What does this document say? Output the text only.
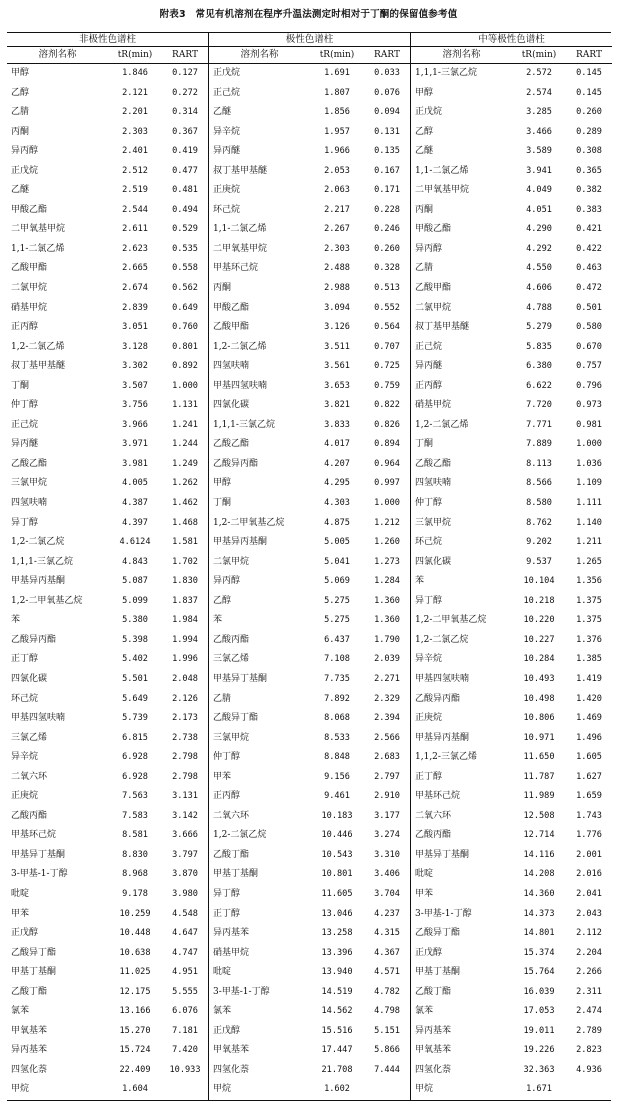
附表3　常见有机溶剂在程序升温法测定时相对于丁酮的保留值参考值
非极性色谱柱
溶剂名称	tR(min)	RART
甲醇	1.846	0.127
乙醇	2.121	0.272
乙腈	2.201	0.314
丙酮	2.303	0.367
异丙醇	2.401	0.419
正戊烷	2.512	0.477
乙醚	2.519	0.481
甲酸乙酯	2.544	0.494
二甲氧基甲烷	2.611	0.529
1,1-二氯乙烯	2.623	0.535
乙酸甲酯	2.665	0.558
二氯甲烷	2.674	0.562
硝基甲烷	2.839	0.649
正丙醇	3.051	0.760
1,2-二氯乙烯	3.128	0.801
叔丁基甲基醚	3.302	0.892
丁酮	3.507	1.000
仲丁醇	3.756	1.131
正己烷	3.966	1.241
异丙醚	3.971	1.244
乙酸乙酯	3.981	1.249
三氯甲烷	4.005	1.262
四氢呋喃	4.387	1.462
异丁醇	4.397	1.468
1,2-二氯乙烷	4.6124	1.581
1,1,1-三氯乙烷	4.843	1.702
甲基异丙基酮	5.087	1.830
1,2-二甲氧基乙烷	5.099	1.837
苯	5.380	1.984
乙酸异丙酯	5.398	1.994
正丁醇	5.402	1.996
四氯化碳	5.501	2.048
环己烷	5.649	2.126
甲基四氢呋喃	5.739	2.173
三氯乙烯	6.815	2.738
异辛烷	6.928	2.798
二氧六环	6.928	2.798
正庚烷	7.563	3.131
乙酸丙酯	7.583	3.142
甲基环己烷	8.581	3.666
甲基异丁基酮	8.830	3.797
3-甲基-1-丁醇	8.968	3.870
吡啶	9.178	3.980
甲苯	10.259	4.548
正戊醇	10.448	4.647
乙酸异丁酯	10.638	4.747
甲基丁基酮	11.025	4.951
乙酸丁酯	12.175	5.555
氯苯	13.166	6.076
甲氧基苯	15.270	7.181
异丙基苯	15.724	7.420
四氢化萘	22.409	10.933
甲烷	1.604
极性色谱柱
溶剂名称	tR(min)	RART
正戊烷	1.691	0.033
正己烷	1.807	0.076
乙醚	1.856	0.094
异辛烷	1.957	0.131
异丙醚	1.966	0.135
叔丁基甲基醚	2.053	0.167
正庚烷	2.063	0.171
环己烷	2.217	0.228
1,1-二氯乙烯	2.267	0.246
二甲氧基甲烷	2.303	0.260
甲基环己烷	2.488	0.328
丙酮	2.988	0.513
甲酸乙酯	3.094	0.552
乙酸甲酯	3.126	0.564
1,2-二氯乙烯	3.511	0.707
四氢呋喃	3.561	0.725
甲基四氢呋喃	3.653	0.759
四氯化碳	3.821	0.822
1,1,1-三氯乙烷	3.833	0.826
乙酸乙酯	4.017	0.894
乙酸异丙酯	4.207	0.964
甲醇	4.295	0.997
丁酮	4.303	1.000
1,2-二甲氧基乙烷	4.875	1.212
甲基异丙基酮	5.005	1.260
二氯甲烷	5.041	1.273
异丙醇	5.069	1.284
乙醇	5.275	1.360
苯	5.275	1.360
乙酸丙酯	6.437	1.790
三氯乙烯	7.108	2.039
甲基异丁基酮	7.735	2.271
乙腈	7.892	2.329
乙酸异丁酯	8.068	2.394
三氯甲烷	8.533	2.566
仲丁醇	8.848	2.683
甲苯	9.156	2.797
正丙醇	9.461	2.910
二氧六环	10.183	3.177
1,2-二氯乙烷	10.446	3.274
乙酸丁酯	10.543	3.310
甲基丁基酮	10.801	3.406
异丁醇	11.605	3.704
正丁醇	13.046	4.237
异丙基苯	13.258	4.315
硝基甲烷	13.396	4.367
吡啶	13.940	4.571
3-甲基-1-丁醇	14.519	4.782
氯苯	14.562	4.798
正戊醇	15.516	5.151
甲氧基苯	17.447	5.866
四氢化萘	21.708	7.444
甲烷	1.602
中等极性色谱柱
溶剂名称	tR(min)	RART
1,1,1-三氯乙烷	2.572	0.145
甲醇	2.574	0.145
正戊烷	3.285	0.260
乙醇	3.466	0.289
乙醚	3.589	0.308
1,1-二氯乙烯	3.941	0.365
二甲氧基甲烷	4.049	0.382
丙酮	4.051	0.383
甲酸乙酯	4.290	0.421
异丙醇	4.292	0.422
乙腈	4.550	0.463
乙酸甲酯	4.606	0.472
二氯甲烷	4.788	0.501
叔丁基甲基醚	5.279	0.580
正己烷	5.835	0.670
异丙醚	6.380	0.757
正丙醇	6.622	0.796
硝基甲烷	7.720	0.973
1,2-二氯乙烯	7.771	0.981
丁酮	7.889	1.000
乙酸乙酯	8.113	1.036
四氢呋喃	8.566	1.109
仲丁醇	8.580	1.111
三氯甲烷	8.762	1.140
环己烷	9.202	1.211
四氯化碳	9.537	1.265
苯	10.104	1.356
异丁醇	10.218	1.375
1,2-二甲氧基乙烷	10.220	1.375
1,2-二氯乙烷	10.227	1.376
异辛烷	10.284	1.385
甲基四氢呋喃	10.493	1.419
乙酸异丙酯	10.498	1.420
正庚烷	10.806	1.469
甲基异丙基酮	10.971	1.496
1,1,2-三氯乙烯	11.650	1.605
正丁醇	11.787	1.627
甲基环己烷	11.989	1.659
二氧六环	12.508	1.743
乙酸丙酯	12.714	1.776
甲基异丁基酮	14.116	2.001
吡啶	14.208	2.016
甲苯	14.360	2.041
3-甲基-1-丁醇	14.373	2.043
乙酸异丁酯	14.801	2.112
正戊醇	15.374	2.204
甲基丁基酮	15.764	2.266
乙酸丁酯	16.039	2.311
氯苯	17.053	2.474
异丙基苯	19.011	2.789
甲氧基苯	19.226	2.823
四氢化萘	32.363	4.936
甲烷	1.671
